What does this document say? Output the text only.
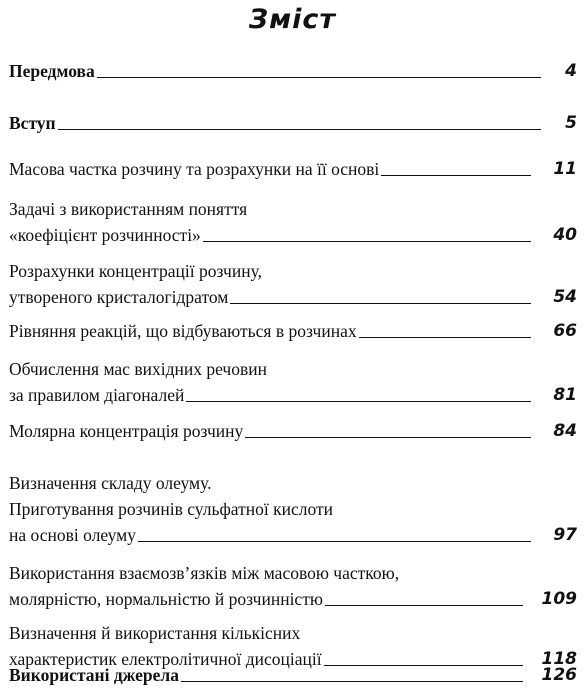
Зміст
Передмова	4
Вступ	5
Масова частка розчину та розрахунки на її основі	11
Задачі з використанням поняття
«коефіцієнт розчинності»	40
Розрахунки концентрації розчину,
утвореного кристалогідратом	54
Рівняння реакцій, що відбуваються в розчинах	66
Обчислення мас вихідних речовин
за правилом діагоналей	81
Молярна концентрація розчину	84
Визначення складу олеуму.
Приготування розчинів сульфатної кислоти
на основі олеуму	97
Використання взаємозв’язків між масовою часткою,
молярністю, нормальністю й розчинністю	109
Визначення й використання кількісних
характеристик електролітичної дисоціації	118
Використані джерела	126
